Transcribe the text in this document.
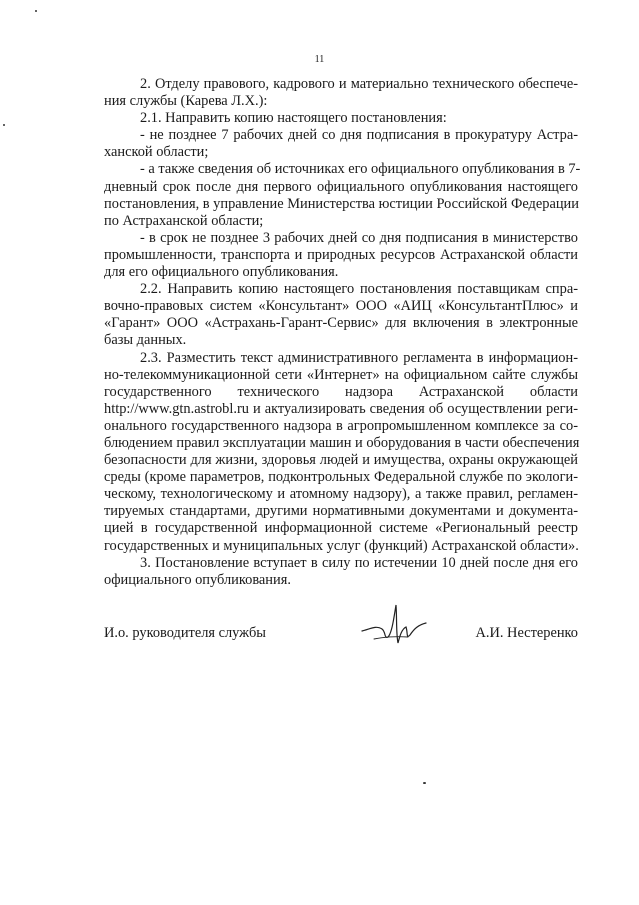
11
2. Отделу правового, кадрового и материально технического обеспече-
ния службы (Карева Л.Х.):
2.1. Направить копию настоящего постановления:
- не позднее 7 рабочих дней со дня подписания в прокуратуру Астра-
ханской области;
- а также сведения об источниках его официального опубликования в 7-
дневный срок после дня первого официального опубликования настоящего
постановления, в управление Министерства юстиции Российской Федерации
по Астраханской области;
- в срок не позднее 3 рабочих дней со дня подписания в министерство
промышленности, транспорта и природных ресурсов Астраханской области
для его официального опубликования.
2.2. Направить копию настоящего постановления поставщикам спра-
вочно-правовых систем «Консультант» ООО «АИЦ «КонсультантПлюс» и
«Гарант» ООО «Астрахань-Гарант-Сервис» для включения в электронные
базы данных.
2.3. Разместить текст административного регламента в информацион-
но-телекоммуникационной сети «Интернет» на официальном сайте службы
государственного технического надзора Астраханской области
http://www.gtn.astrobl.ru и актуализировать сведения об осуществлении реги-
онального государственного надзора в агропромышленном комплексе за со-
блюдением правил эксплуатации машин и оборудования в части обеспечения
безопасности для жизни, здоровья людей и имущества, охраны окружающей
среды (кроме параметров, подконтрольных Федеральной службе по экологи-
ческому, технологическому и атомному надзору), а также правил, регламен-
тируемых стандартами, другими нормативными документами и документа-
цией в государственной информационной системе «Региональный реестр
государственных и муниципальных услуг (функций) Астраханской области».
3. Постановление вступает в силу по истечении 10 дней после дня его
официального опубликования.
И.о. руководителя службы	А.И. Нестеренко
